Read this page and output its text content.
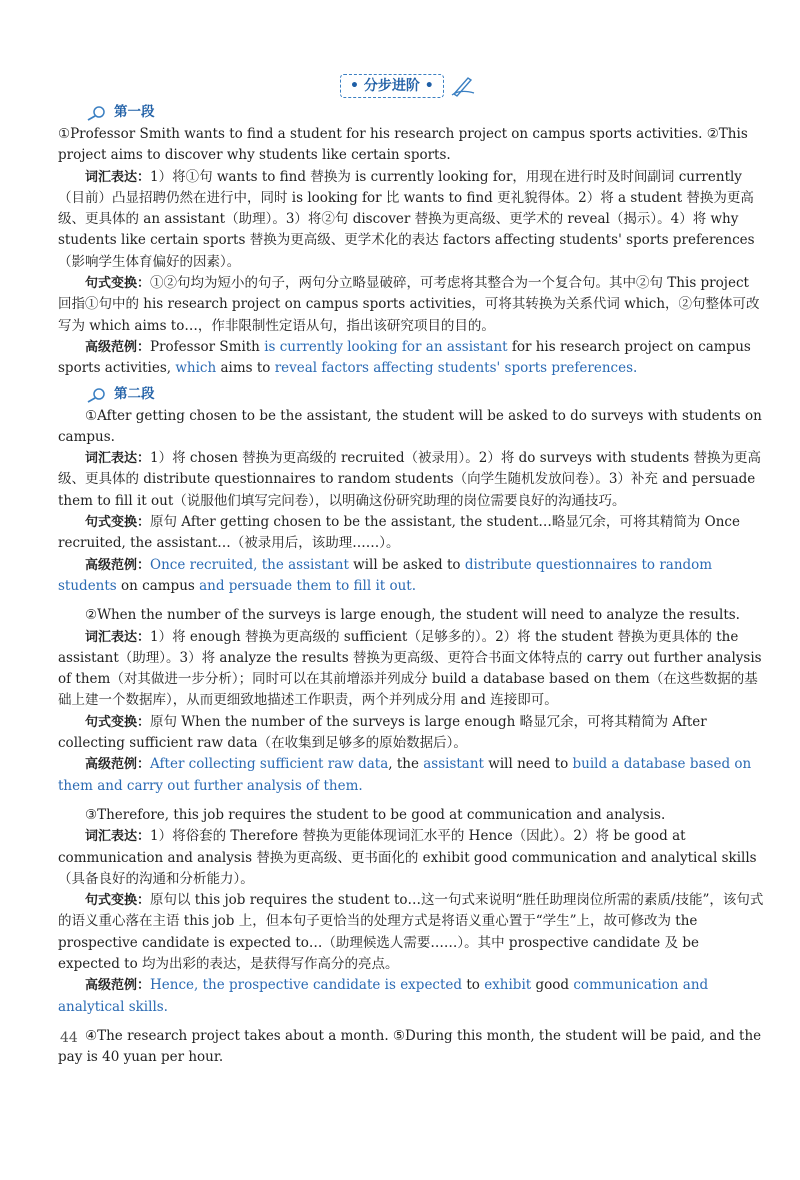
• 分步进阶 •
第一段

①Professor Smith wants to find a student for his research project on campus sports activities. ②This project aims to discover why students like certain sports.

词汇表达：1）将①句 wants to find 替换为 is currently looking for，用现在进行时及时间副词 currently（目前）凸显招聘仍然在进行中，同时 is looking for 比 wants to find 更礼貌得体。2）将 a student 替换为更高级、更具体的 an assistant（助理）。3）将②句 discover 替换为更高级、更学术的 reveal（揭示）。4）将 why students like certain sports 替换为更高级、更学术化的表达 factors affecting students' sports preferences（影响学生体育偏好的因素）。

句式变换：①②句均为短小的句子，两句分立略显破碎，可考虑将其整合为一个复合句。其中②句 This project 回指①句中的 his research project on campus sports activities，可将其转换为关系代词 which，②句整体可改写为 which aims to…，作非限制性定语从句，指出该研究项目的目的。

高级范例：Professor Smith is currently looking for an assistant for his research project on campus sports activities, which aims to reveal factors affecting students' sports preferences.

第二段

①After getting chosen to be the assistant, the student will be asked to do surveys with students on campus.

词汇表达：1）将 chosen 替换为更高级的 recruited（被录用）。2）将 do surveys with students 替换为更高级、更具体的 distribute questionnaires to random students（向学生随机发放问卷）。3）补充 and persuade them to fill it out（说服他们填写完问卷），以明确这份研究助理的岗位需要良好的沟通技巧。

句式变换：原句 After getting chosen to be the assistant, the student…略显冗余，可将其精简为 Once recruited, the assistant…（被录用后，该助理……）。

高级范例：Once recruited, the assistant will be asked to distribute questionnaires to random students on campus and persuade them to fill it out.

②When the number of the surveys is large enough, the student will need to analyze the results.

词汇表达：1）将 enough 替换为更高级的 sufficient（足够多的）。2）将 the student 替换为更具体的 the assistant（助理）。3）将 analyze the results 替换为更高级、更符合书面文体特点的 carry out further analysis of them（对其做进一步分析）；同时可以在其前增添并列成分 build a database based on them（在这些数据的基础上建一个数据库），从而更细致地描述工作职责，两个并列成分用 and 连接即可。

句式变换：原句 When the number of the surveys is large enough 略显冗余，可将其精简为 After collecting sufficient raw data（在收集到足够多的原始数据后）。

高级范例：After collecting sufficient raw data, the assistant will need to build a database based on them and carry out further analysis of them.

③Therefore, this job requires the student to be good at communication and analysis.

词汇表达：1）将俗套的 Therefore 替换为更能体现词汇水平的 Hence（因此）。2）将 be good at communication and analysis 替换为更高级、更书面化的 exhibit good communication and analytical skills（具备良好的沟通和分析能力）。

句式变换：原句以 this job requires the student to…这一句式来说明“胜任助理岗位所需的素质/技能”，该句式的语义重心落在主语 this job 上，但本句子更恰当的处理方式是将语义重心置于“学生”上，故可修改为 the prospective candidate is expected to…（助理候选人需要……）。其中 prospective candidate 及 be expected to 均为出彩的表达，是获得写作高分的亮点。

高级范例：Hence, the prospective candidate is expected to exhibit good communication and analytical skills.

④The research project takes about a month. ⑤During this month, the student will be paid, and the pay is 40 yuan per hour.

44
